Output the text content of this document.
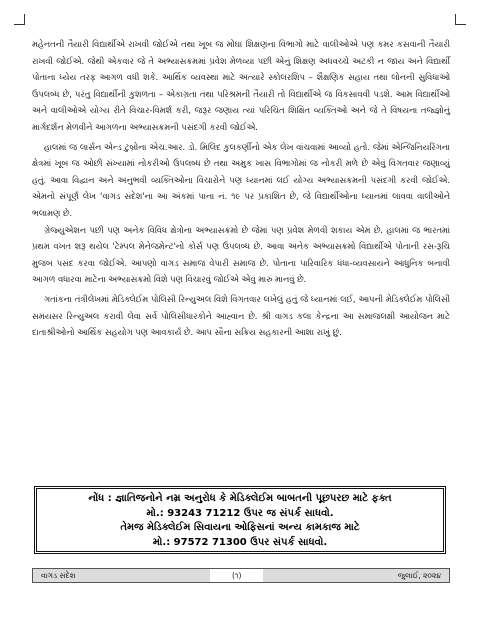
મહેનતની તૈયારી વિદ્યાર્થીએ રાખવી જોઈએ તથા ખૂબ જ મોંઘા શિક્ષણના વિભાગો માટે વાલીઓએ પણ કમર કસવાની તૈયારી રાખવી જોઈએ. જેથી એકવાર જે તે અભ્યાસક્રમમાં પ્રવેશ મેળવ્યા પછી એનું શિક્ષણ અધવચ્ચે અટકી ન જાય અને વિદ્યાર્થી પોતાના ધ્યેય તરફ આગળ વધી શકે. આર્થિક વ્યવસ્થા માટે અત્યારે સ્કોલરશિપ – શૈક્ષણિક સહાય તથા લોનની સુવિધાઓ ઉપલબ્ધ છે, પરંતુ વિદ્યાર્થીની કુશળતા – એકાગ્રતા તથા પરિશ્રમની તૈયારી તો વિદ્યાર્થીએ જ વિકસાવવી પડશે. આમ વિદ્યાર્થીઓ અને વાલીઓએ યોગ્ય રીતે વિચાર-વિમર્શ કરી, જરૂર જણાય ત્યાં પરિચિત શિક્ષિત વ્યક્તિઓ અને જે તે વિષયના તજ્જ્ઞોનું માર્ગદર્શન મેળવીને આગળના અભ્યાસક્રમની પસંદગી કરવી જોઈએ.

હાલમાં જ લાર્સન એન્ડ ટુબ્રોના એચ.આર. ડો. મિલિંદ કુલકર્ણીનો એક લેખ વાંચવામાં આવ્યો હતો. જેમાં એન્જિનિયરિંગના ક્ષેત્રમાં ખૂબ જ ઓછી સંખ્યામાં નોકરીઓ ઉપલબ્ધ છે તથા અમુક ખાસ વિભાગોમાં જ નોકરી મળે છે એવું વિગતવાર જણાવ્યું હતું. આવા વિદ્વાન અને અનુભવી વ્યક્તિઓના વિચારોને પણ ધ્યાનમાં લઈ યોગ્ય અભ્યાસક્રમની પસંદગી કરવી જોઈએ. એમનો સંપૂર્ણ લેખ 'વાગડ સંદેશ'ના આ અંકમાં પાના નં. ૧૯ પર પ્રકાશિત છે, જે વિદ્યાર્થીઓના ધ્યાનમાં લાવવા વાલીઓને ભલામણ છે.

ગ્રેજ્યુએશન પછી પણ અનેક વિવિધ ક્ષેત્રોના અભ્યાસક્રમો છે જેમાં પણ પ્રવેશ મેળવી શકાય એમ છે. હાલમાં જ ભારતમાં પ્રથમ વખત શરૂ થયેલ 'ટેમ્પલ મેનેજમેન્ટ'નો કોર્સ પણ ઉપલબ્ધ છે. આવા અનેક અભ્યાસક્રમો વિદ્યાર્થીએ પોતાની રસ-રૂચિ મુજબ પસંદ કરવા જોઈએ. આપણો વાગડ સમાજ વેપારી સમાજ છે. પોતાના પારિવારિક ધંધા-વ્યવસાયને આધુનિક બનાવી આગળ વધારવા માટેના અભ્યાસક્રમો વિશે પણ વિચારવું જોઈએ એવું મારું માનવું છે.

ગતાંકના તંત્રીલેખમાં મેડિક્લેઈમ પોલિસી રિન્યુઅલ વિશે વિગતવાર લખેલું હતું જે ધ્યાનમાં લઈ, આપની મેડિક્લેઈમ પોલિસી સમયસર રિન્યુઅલ કરાવી લેવા સર્વે પોલિસીધારકોને આહ્વાન છે. શ્રી વાગડ કલા કેન્દ્રના આ સમાજલક્ષી આયોજન માટે દાતાશ્રીઓનો આર્થિક સહયોગ પણ આવકાર્ય છે. આપ સૌના સક્રિય સહકારની આશા રાખું છું.

નોંધ : જ્ઞાતિજનોને નમ્ર અનુરોધ કે મેડિક્લેઈમ બાબતની પૂછપરછ માટે ફક્ત
મો.: 93243 71212 ઉપર જ સંપર્ક સાધવો.
તેમજ મેડિક્લેઈમ સિવાયના ઓફિસનાં અન્ય કામકાજ માટે
મો.: 97572 71300 ઉપર સંપર્ક સાધવો.
વાગડ સંદેશ	(૧)	જુલાઈ, ૨૦૨૪
